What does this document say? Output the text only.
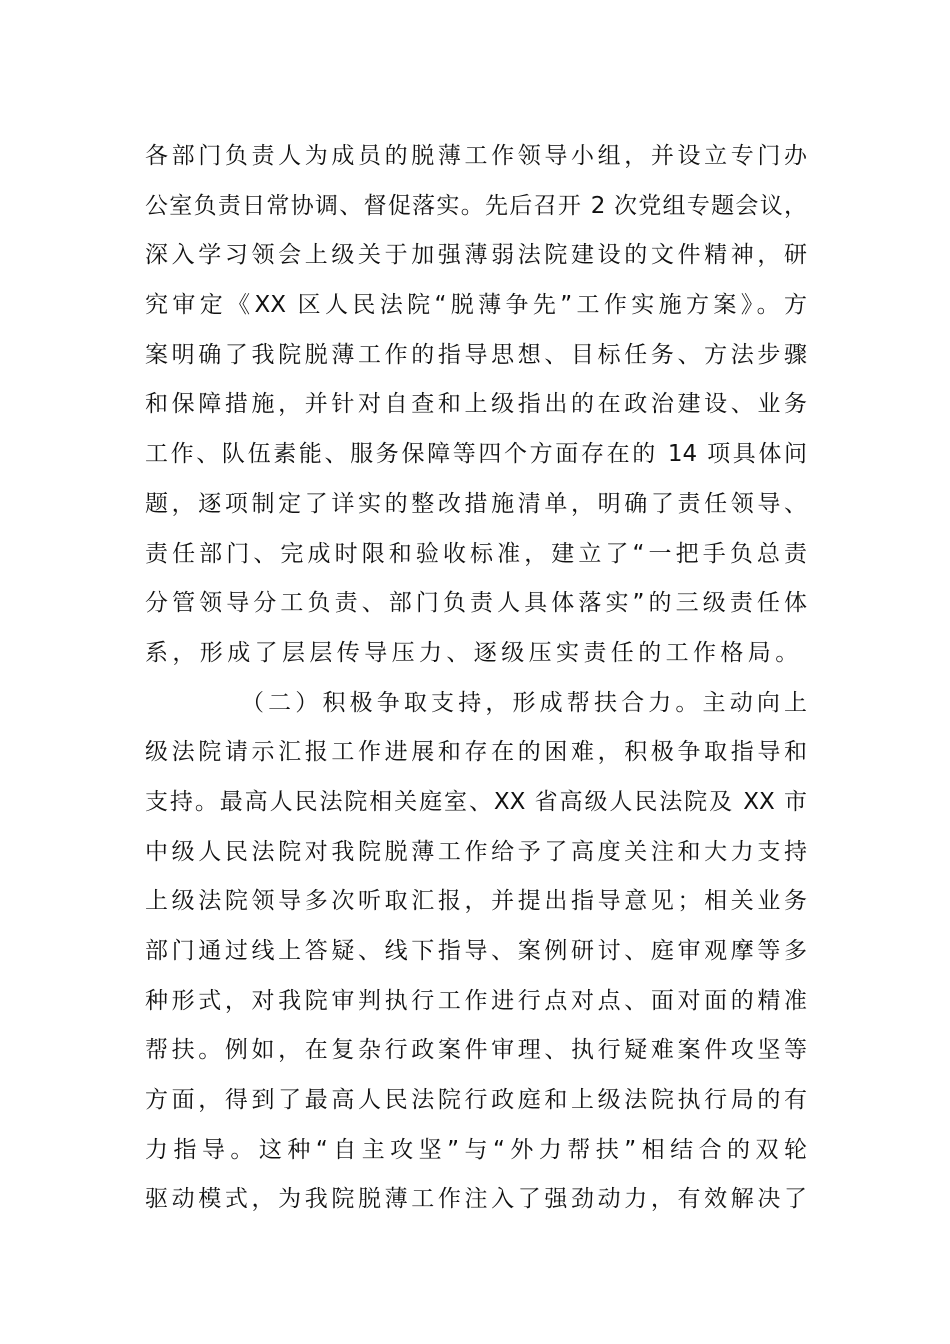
各部门负责人为成员的脱薄工作领导小组，并设立专门办
公室负责日常协调、督促落实。先后召开 2 次党组专题会议，
深入学习领会上级关于加强薄弱法院建设的文件精神，研
究审定《XX 区人民法院“脱薄争先”工作实施方案》。方
案明确了我院脱薄工作的指导思想、目标任务、方法步骤
和保障措施，并针对自查和上级指出的在政治建设、业务
工作、队伍素能、服务保障等四个方面存在的 14 项具体问
题，逐项制定了详实的整改措施清单，明确了责任领导、
责任部门、完成时限和验收标准，建立了“一把手负总责
分管领导分工负责、部门负责人具体落实”的三级责任体
系，形成了层层传导压力、逐级压实责任的工作格局。
（二）积极争取支持，形成帮扶合力。主动向上
级法院请示汇报工作进展和存在的困难，积极争取指导和
支持。最高人民法院相关庭室、XX 省高级人民法院及 XX 市
中级人民法院对我院脱薄工作给予了高度关注和大力支持
上级法院领导多次听取汇报，并提出指导意见；相关业务
部门通过线上答疑、线下指导、案例研讨、庭审观摩等多
种形式，对我院审判执行工作进行点对点、面对面的精准
帮扶。例如，在复杂行政案件审理、执行疑难案件攻坚等
方面，得到了最高人民法院行政庭和上级法院执行局的有
力指导。这种“自主攻坚”与“外力帮扶”相结合的双轮
驱动模式，为我院脱薄工作注入了强劲动力，有效解决了
